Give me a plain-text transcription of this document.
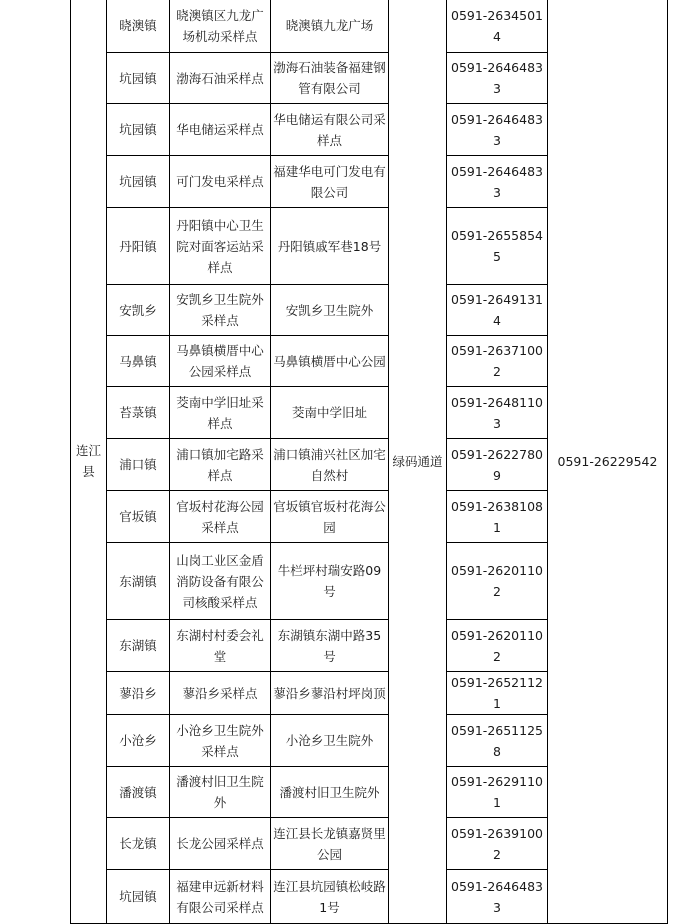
连江县	晓澳镇	晓澳镇区九龙广场机动采样点	晓澳镇九龙广场	绿码通道	0591-26345014	0591-26229542
	坑园镇	渤海石油采样点	渤海石油装备福建钢管有限公司		0591-26464833	
	坑园镇	华电储运采样点	华电储运有限公司采样点		0591-26464833	
	坑园镇	可门发电采样点	福建华电可门发电有限公司		0591-26464833	
	丹阳镇	丹阳镇中心卫生院对面客运站采样点	丹阳镇戚军巷18号		0591-26558545	
	安凯乡	安凯乡卫生院外采样点	安凯乡卫生院外		0591-26491314	
	马鼻镇	马鼻镇横厝中心公园采样点	马鼻镇横厝中心公园		0591-26371002	
	苔菉镇	茭南中学旧址采样点	茭南中学旧址		0591-26481103	
	浦口镇	浦口镇加宅路采样点	浦口镇浦兴社区加宅自然村		0591-26227809	
	官坂镇	官坂村花海公园采样点	官坂镇官坂村花海公园		0591-26381081	
	东湖镇	山岗工业区金盾消防设备有限公司核酸采样点	牛栏坪村瑞安路09号		0591-26201102	
	东湖镇	东湖村村委会礼堂	东湖镇东湖中路35号		0591-26201102	
	蓼沿乡	蓼沿乡采样点	蓼沿乡蓼沿村坪岗顶		0591-26521121	
	小沧乡	小沧乡卫生院外采样点	小沧乡卫生院外		0591-26511258	
	潘渡镇	潘渡村旧卫生院外	潘渡村旧卫生院外		0591-26291101	
	长龙镇	长龙公园采样点	连江县长龙镇嘉贤里公园		0591-26391002	
	坑园镇	福建申远新材料有限公司采样点	连江县坑园镇松岐路1号		0591-26464833	
